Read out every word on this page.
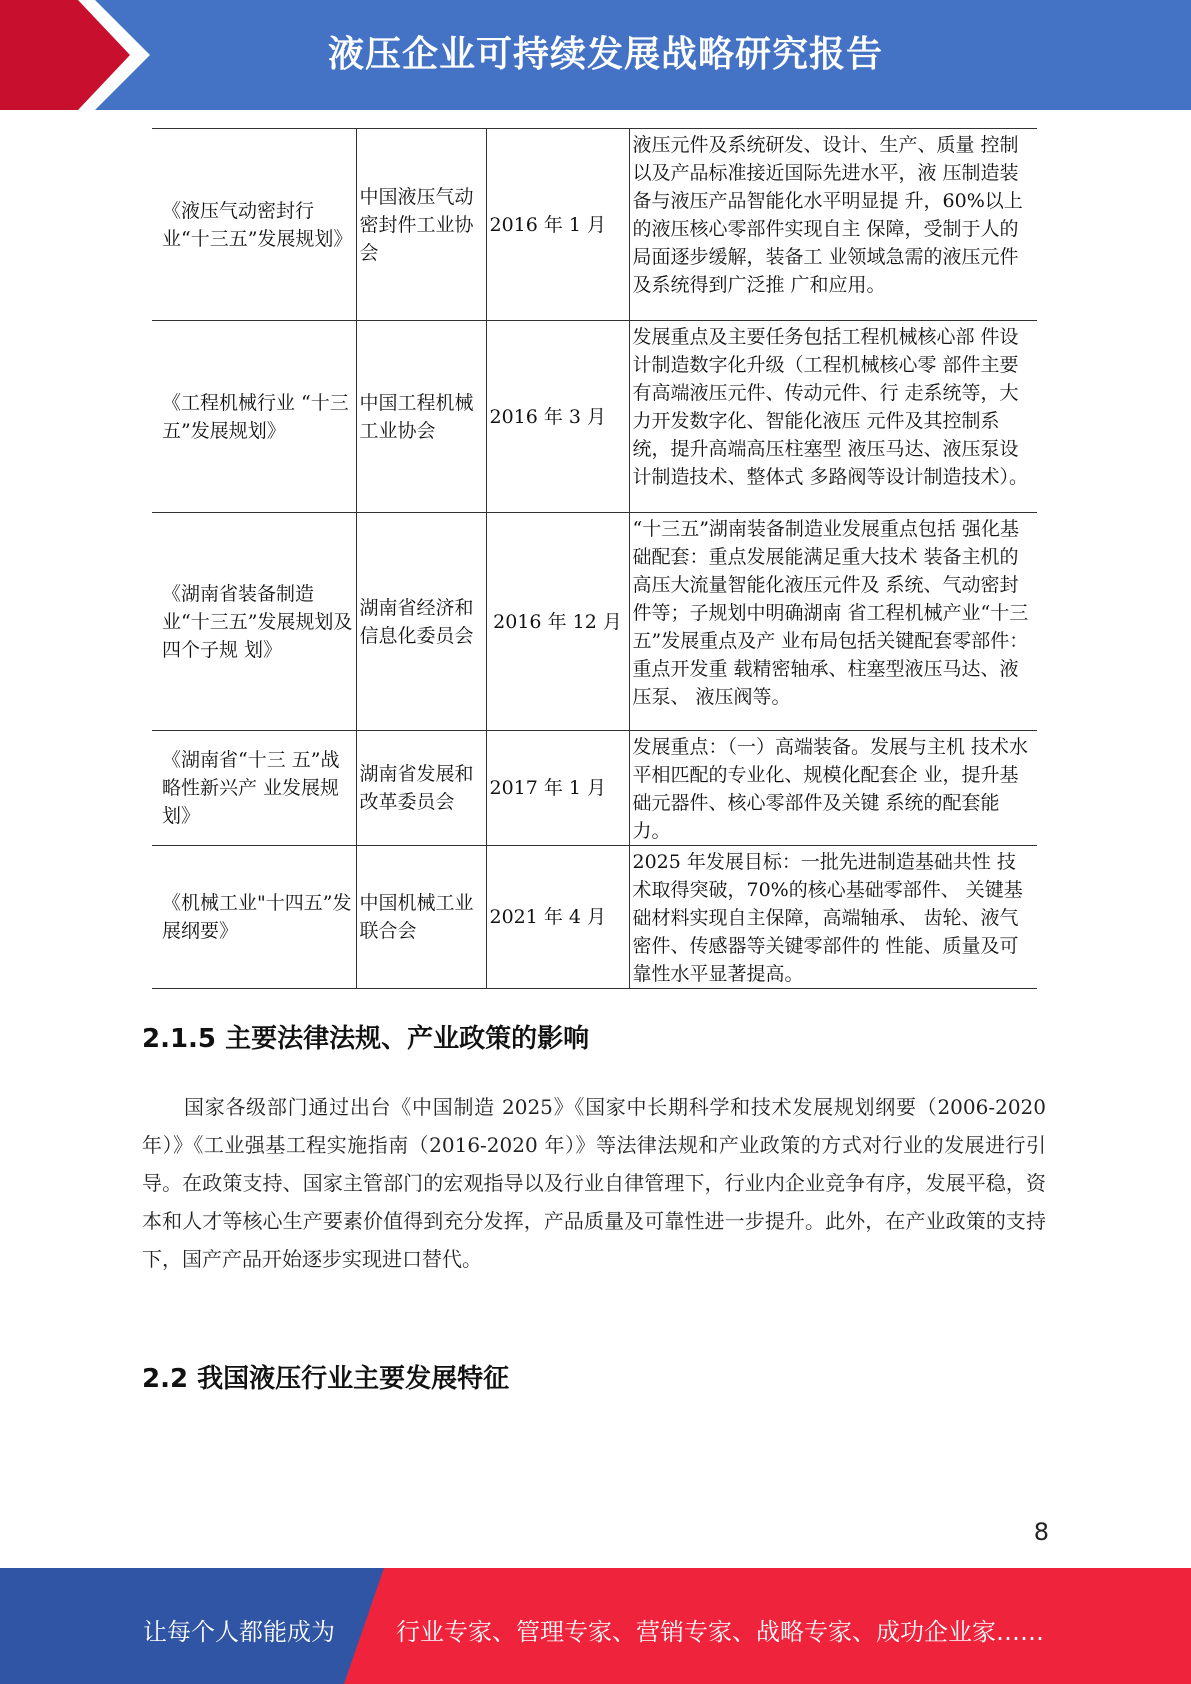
液压企业可持续发展战略研究报告
《液压气动密封行业“十三五”发展规划》	中国液压气动密封件工业协会	2016 年 1 月	液压元件及系统研发、设计、生产、质量 控制以及产品标准接近国际先进水平，液 压制造装备与液压产品智能化水平明显提 升，60%以上的液压核心零部件实现自主 保障，受制于人的局面逐步缓解，装备工 业领域急需的液压元件及系统得到广泛推 广和应用。
《工程机械行业 “十三五”发展规划》	中国工程机械工业协会	2016 年 3 月	发展重点及主要任务包括工程机械核心部 件设计制造数字化升级（工程机械核心零 部件主要有高端液压元件、传动元件、行 走系统等，大力开发数字化、智能化液压 元件及其控制系统，提升高端高压柱塞型 液压马达、液压泵设计制造技术、整体式 多路阀等设计制造技术）。
《湖南省装备制造业“十三五”发展规划及四个子规 划》	湖南省经济和信息化委员会	2016 年 12 月	“十三五”湖南装备制造业发展重点包括 强化基础配套：重点发展能满足重大技术 装备主机的高压大流量智能化液压元件及 系统、气动密封件等；子规划中明确湖南 省工程机械产业“十三五”发展重点及产 业布局包括关键配套零部件：重点开发重 载精密轴承、柱塞型液压马达、液压泵、 液压阀等。
《湖南省“十三 五”战略性新兴产 业发展规划》	湖南省发展和改革委员会	2017 年 1 月	发展重点：（一）高端装备。发展与主机 技术水平相匹配的专业化、规模化配套企 业，提升基础元器件、核心零部件及关键 系统的配套能力。
《机械工业"十四五”发展纲要》	中国机械工业联合会	2021 年 4 月	2025 年发展目标：一批先进制造基础共性 技术取得突破，70%的核心基础零部件、 关键基础材料实现自主保障，高端轴承、 齿轮、液气密件、传感器等关键零部件的 性能、质量及可靠性水平显著提高。
2.1.5 主要法律法规、产业政策的影响

国家各级部门通过出台《中国制造 2025》《国家中长期科学和技术发展规划纲要（2006-2020 年）》《工业强基工程实施指南（2016-2020 年）》等法律法规和产业政策的方式对行业的发展进行引导。在政策支持、国家主管部门的宏观指导以及行业自律管理下，行业内企业竞争有序，发展平稳，资本和人才等核心生产要素价值得到充分发挥，产品质量及可靠性进一步提升。此外，在产业政策的支持下，国产产品开始逐步实现进口替代。

2.2 我国液压行业主要发展特征
8
让每个人都能成为	行业专家、管理专家、营销专家、战略专家、成功企业家……
